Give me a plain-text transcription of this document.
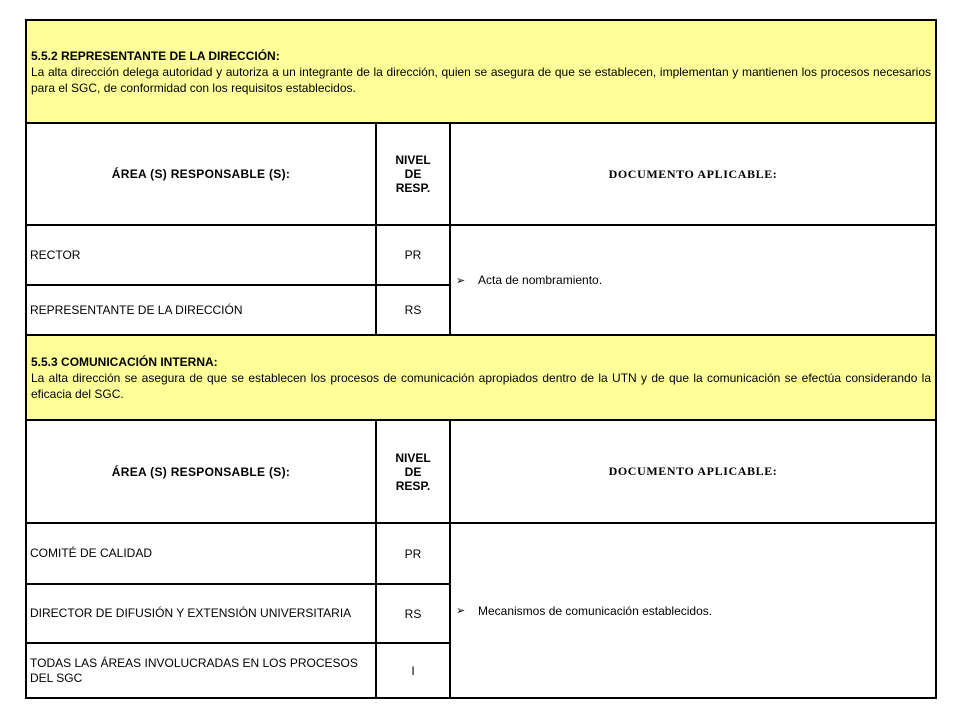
5.5.2 REPRESENTANTE DE LA DIRECCIÓN:
La alta dirección delega autoridad y autoriza a un integrante de la dirección, quien se asegura de que se establecen, implementan y mantienen los procesos necesarios para el SGC, de conformidad con los requisitos establecidos.		
ÁREA (S) RESPONSABLE (S):	NIVEL
DE
RESP.	DOCUMENTO APLICABLE:
RECTOR	PR	➢ Acta de nombramiento.

REPRESENTANTE DE LA DIRECCIÓN	RS	

5.5.3 COMUNICACIÓN INTERNA:
La alta dirección se asegura de que se establecen los procesos de comunicación apropiados dentro de la UTN y de que la comunicación se efectúa considerando la eficacia del SGC.		
ÁREA (S) RESPONSABLE (S):	NIVEL
DE
RESP.	DOCUMENTO APLICABLE:
COMITÉ DE CALIDAD	PR	➢ Mecanismos de comunicación establecidos.

DIRECTOR DE DIFUSIÓN Y EXTENSIÓN UNIVERSITARIA	RS	
TODAS LAS ÁREAS INVOLUCRADAS EN LOS PROCESOS DEL SGC	I	
